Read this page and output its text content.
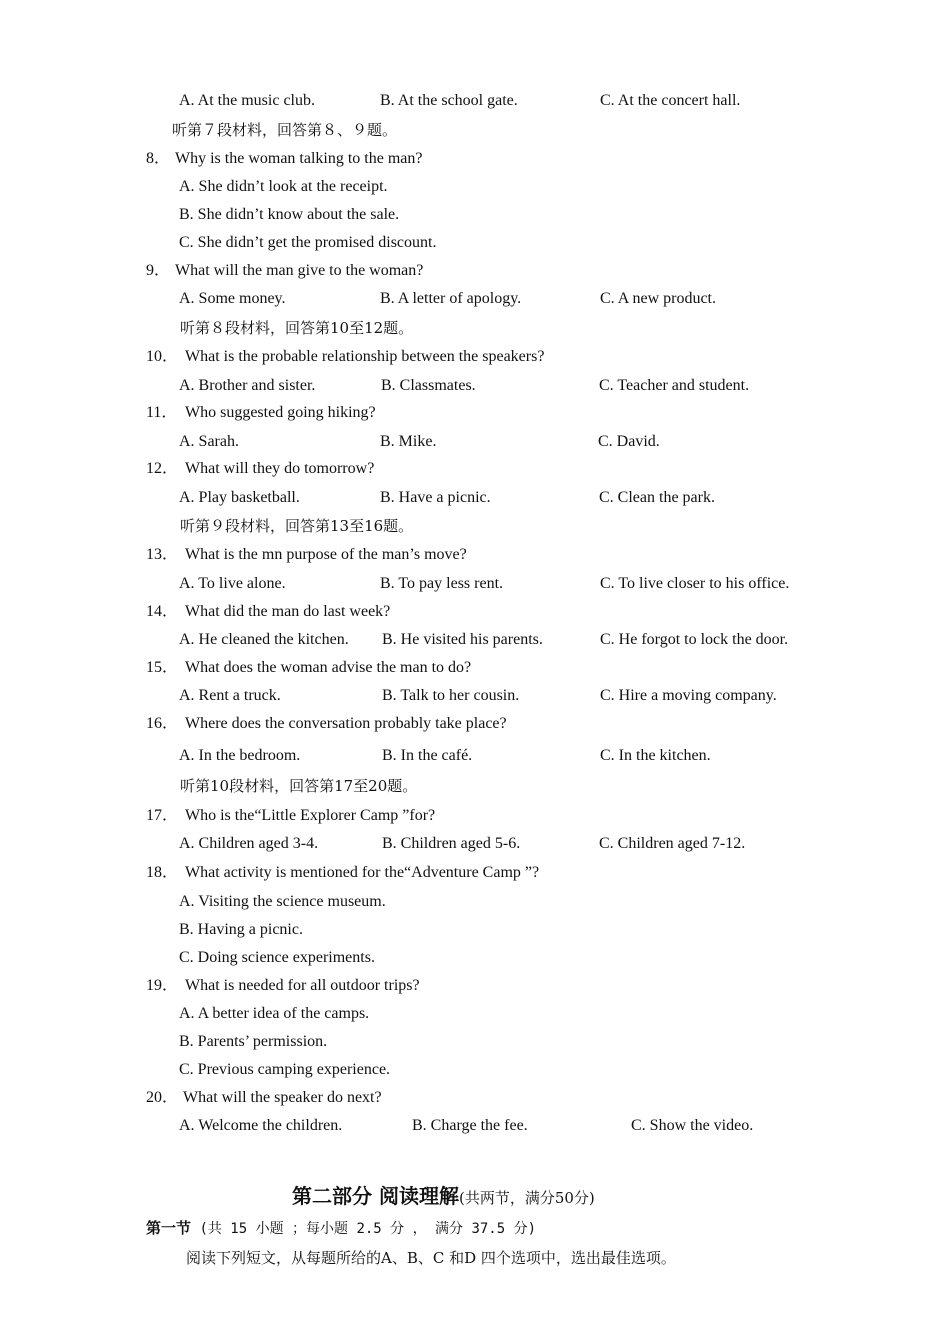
A. At the music club.	B. At the school gate.	C. At the concert hall.
听第７段材料，回答第８、９题。
8． Why is the woman talking to the man?
A. She didn’t look at the receipt.
B. She didn’t know about the sale.
C. She didn’t get the promised discount.
9． What will the man give to the woman?
A. Some money.	B. A letter of apology.	C. A new product.
听第８段材料，回答第10至12题。
10． What is the probable relationship between the speakers?
A. Brother and sister.	B. Classmates.	C. Teacher and student.
11． Who suggested going hiking?
A. Sarah.	B. Mike.	C. David.
12． What will they do tomorrow?
A. Play basketball.	B. Have a picnic.	C. Clean the park.
听第９段材料，回答第13至16题。
13． What is the mn purpose of the man’s move?
A. To live alone.	B. To pay less rent.	C. To live closer to his office.
14． What did the man do last week?
A. He cleaned the kitchen. B. He visited his parents.	C. He forgot to lock the door.
15． What does the woman advise the man to do?
A. Rent a truck.	B. Talk to her cousin.	C. Hire a moving company.
16． Where does the conversation probably take place?
A. In the bedroom.	B. In the café.	C. In the kitchen.
听第10段材料，回答第17至20题。
17． Who is the“Little Explorer Camp ”for?
A. Children aged 3-4.	B. Children aged 5-6.	C. Children aged 7-12.
18． What activity is mentioned for the“Adventure Camp ”?
A. Visiting the science museum.
B. Having a picnic.
C. Doing science experiments.
19． What is needed for all outdoor trips?
A. A better idea of the camps.
B. Parents’ permission.
C. Previous camping experience.
20． What will the speaker do next?
A. Welcome the children.	B. Charge the fee.	C. Show the video.
第二部分 阅读理解(共两节，满分50分)
第一节 (共 15 小题 ；每小题 2.5 分 ， 满分 37.5 分)
阅读下列短文，从每题所给的A、B、C 和D 四个选项中，选出最佳选项。
